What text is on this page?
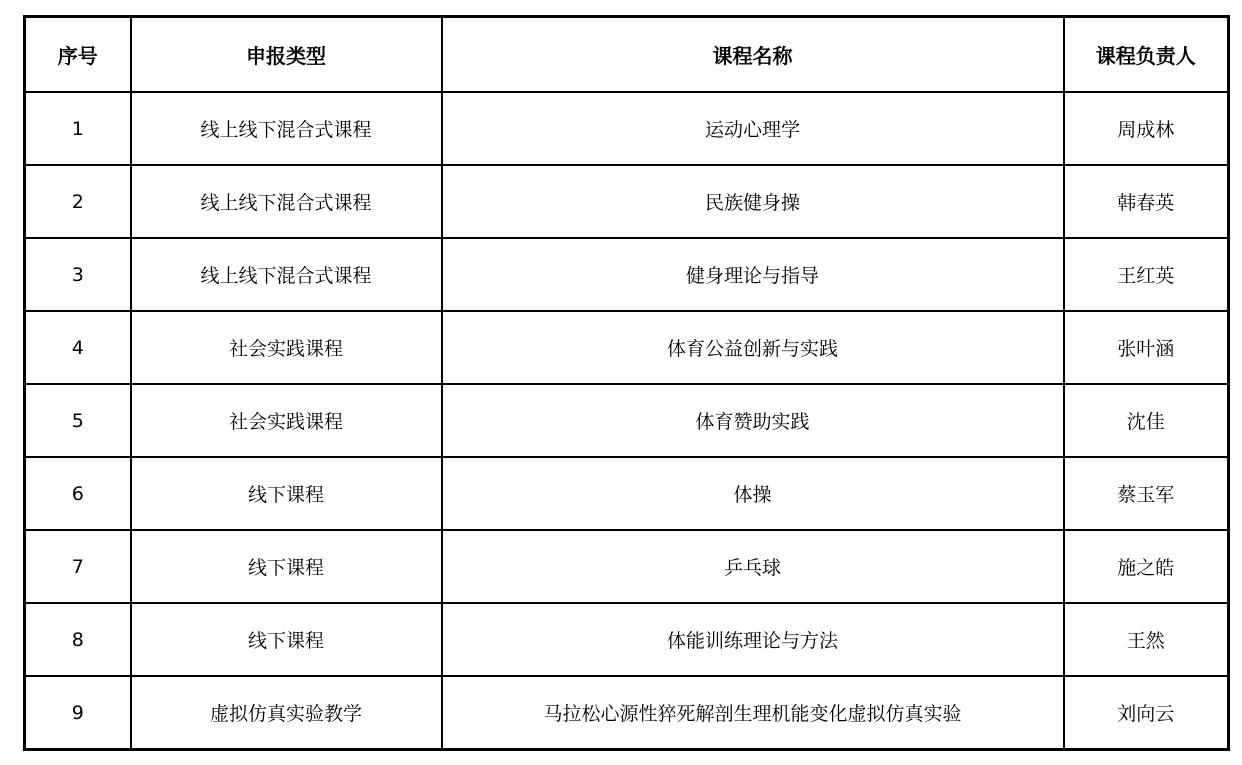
序号	申报类型	课程名称	课程负责人
1	线上线下混合式课程	运动心理学	周成林
2	线上线下混合式课程	民族健身操	韩春英
3	线上线下混合式课程	健身理论与指导	王红英
4	社会实践课程	体育公益创新与实践	张叶涵
5	社会实践课程	体育赞助实践	沈佳
6	线下课程	体操	蔡玉军
7	线下课程	乒乓球	施之皓
8	线下课程	体能训练理论与方法	王然
9	虚拟仿真实验教学	马拉松心源性猝死解剖生理机能变化虚拟仿真实验	刘向云
